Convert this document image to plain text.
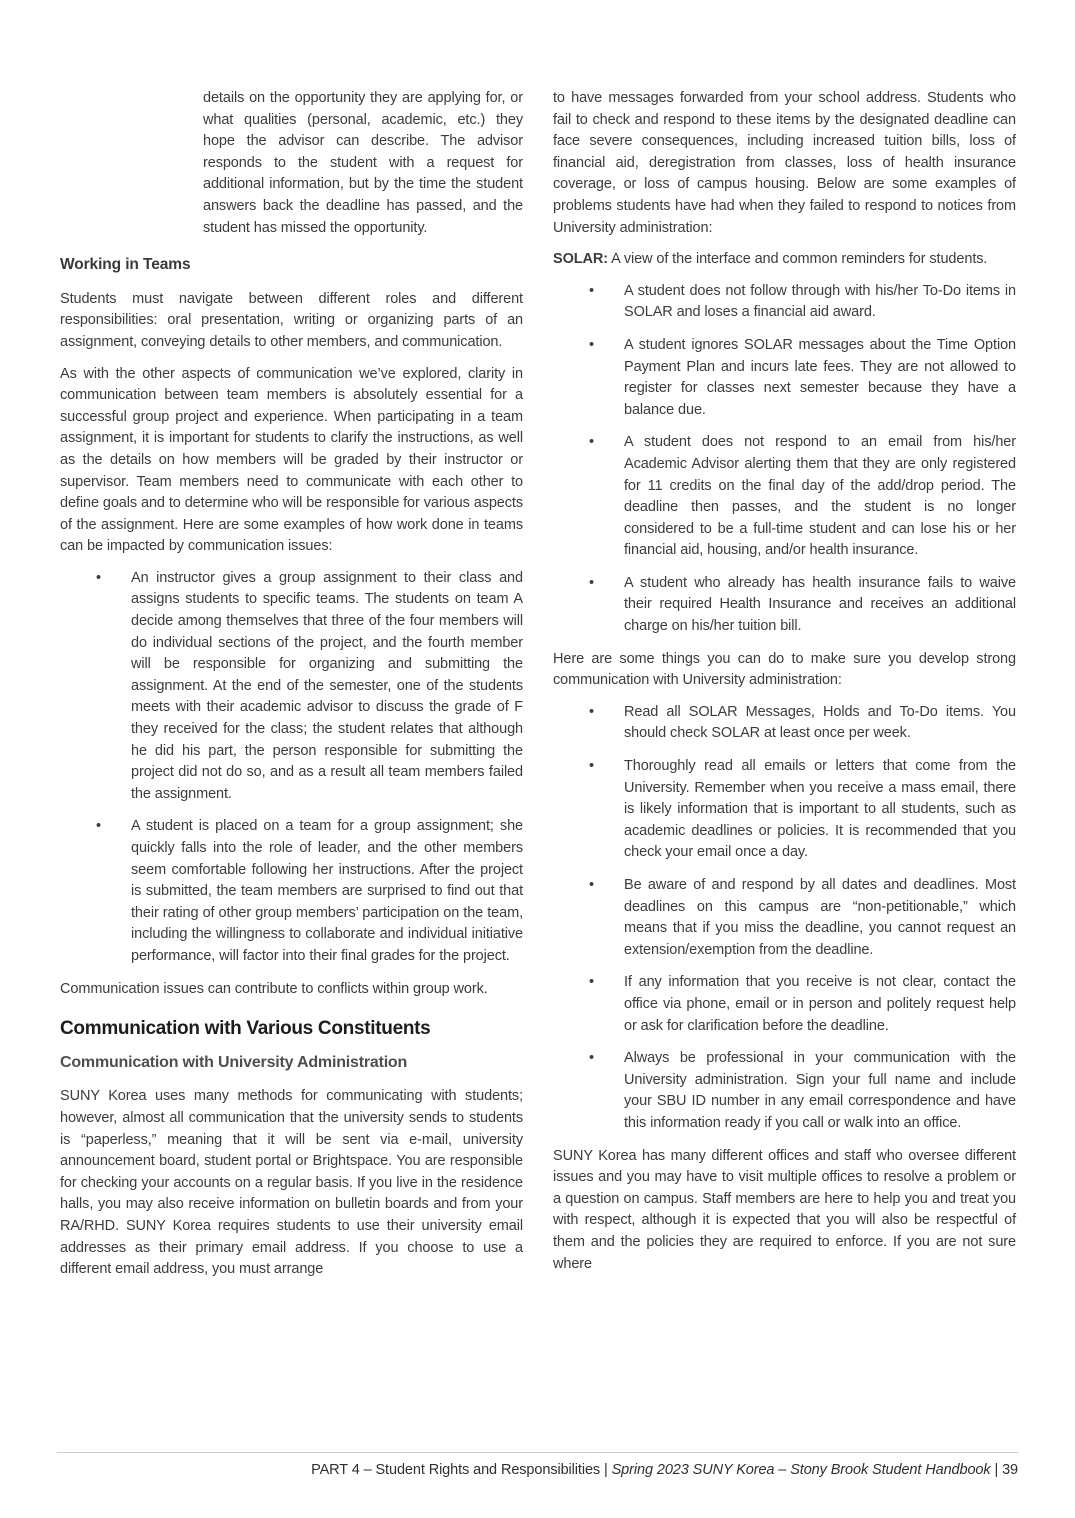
details on the opportunity they are applying for, or what qualities (personal, academic, etc.) they hope the advisor can describe. The advisor responds to the student with a request for additional information, but by the time the student answers back the deadline has passed, and the student has missed the opportunity.

Working in Teams

Students must navigate between different roles and different responsibilities: oral presentation, writing or organizing parts of an assignment, conveying details to other members, and communication.

As with the other aspects of communication we’ve explored, clarity in communication between team members is absolutely essential for a successful group project and experience. When participating in a team assignment, it is important for students to clarify the instructions, as well as the details on how members will be graded by their instructor or supervisor. Team members need to communicate with each other to define goals and to determine who will be responsible for various aspects of the assignment. Here are some examples of how work done in teams can be impacted by communication issues:

• An instructor gives a group assignment to their class and assigns students to specific teams. The students on team A decide among themselves that three of the four members will do individual sections of the project, and the fourth member will be responsible for organizing and submitting the assignment. At the end of the semester, one of the students meets with their academic advisor to discuss the grade of F they received for the class; the student relates that although he did his part, the person responsible for submitting the project did not do so, and as a result all team members failed the assignment.
• A student is placed on a team for a group assignment; she quickly falls into the role of leader, and the other members seem comfortable following her instructions. After the project is submitted, the team members are surprised to find out that their rating of other group members’ participation on the team, including the willingness to collaborate and individual initiative performance, will factor into their final grades for the project.

Communication issues can contribute to conflicts within group work.

Communication with Various Constituents
Communication with University Administration

SUNY Korea uses many methods for communicating with students; however, almost all communication that the university sends to students is “paperless,” meaning that it will be sent via e-mail, university announcement board, student portal or Brightspace. You are responsible for checking your accounts on a regular basis. If you live in the residence halls, you may also receive information on bulletin boards and from your RA/RHD. SUNY Korea requires students to use their university email addresses as their primary email address. If you choose to use a different email address, you must arrange

to have messages forwarded from your school address. Students who fail to check and respond to these items by the designated deadline can face severe consequences, including increased tuition bills, loss of financial aid, deregistration from classes, loss of health insurance coverage, or loss of campus housing. Below are some examples of problems students have had when they failed to respond to notices from University administration:

SOLAR: A view of the interface and common reminders for students.

• A student does not follow through with his/her To-Do items in SOLAR and loses a financial aid award.
• A student ignores SOLAR messages about the Time Option Payment Plan and incurs late fees. They are not allowed to register for classes next semester because they have a balance due.
• A student does not respond to an email from his/her Academic Advisor alerting them that they are only registered for 11 credits on the final day of the add/drop period. The deadline then passes, and the student is no longer considered to be a full-time student and can lose his or her financial aid, housing, and/or health insurance.
• A student who already has health insurance fails to waive their required Health Insurance and receives an additional charge on his/her tuition bill.

Here are some things you can do to make sure you develop strong communication with University administration:

• Read all SOLAR Messages, Holds and To-Do items. You should check SOLAR at least once per week.
• Thoroughly read all emails or letters that come from the University. Remember when you receive a mass email, there is likely information that is important to all students, such as academic deadlines or policies. It is recommended that you check your email once a day.
• Be aware of and respond by all dates and deadlines. Most deadlines on this campus are “non-petitionable,” which means that if you miss the deadline, you cannot request an extension/exemption from the deadline.
• If any information that you receive is not clear, contact the office via phone, email or in person and politely request help or ask for clarification before the deadline.
• Always be professional in your communication with the University administration. Sign your full name and include your SBU ID number in any email correspondence and have this information ready if you call or walk into an office.

SUNY Korea has many different offices and staff who oversee different issues and you may have to visit multiple offices to resolve a problem or a question on campus. Staff members are here to help you and treat you with respect, although it is expected that you will also be respectful of them and the policies they are required to enforce. If you are not sure where

PART 4 – Student Rights and Responsibilities | Spring 2023 SUNY Korea – Stony Brook Student Handbook | 39
